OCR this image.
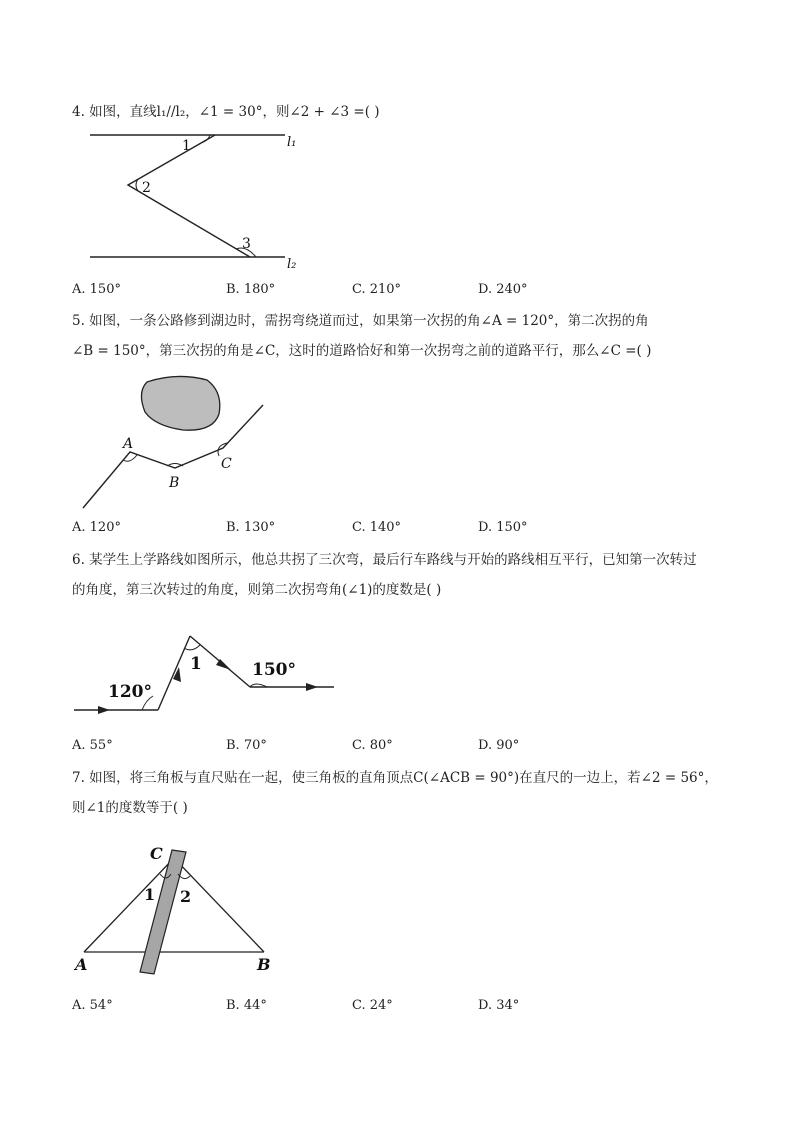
4. 如图，直线l₁//l₂，∠1 = 30°，则∠2 + ∠3 =( )
1
2
3
l₁
l₂
A. 150°	B. 180°	C. 210°	D. 240°
5. 如图，一条公路修到湖边时，需拐弯绕道而过，如果第一次拐的角∠A = 120°，第二次拐的角
∠B = 150°，第三次拐的角是∠C，这时的道路恰好和第一次拐弯之前的道路平行，那么∠C =( )
A
B
C
A. 120°	B. 130°	C. 140°	D. 150°
6. 某学生上学路线如图所示，他总共拐了三次弯，最后行车路线与开始的路线相互平行，已知第一次转过
的角度，第三次转过的角度，则第二次拐弯角(∠1)的度数是( )
120°
1	150°
A. 55°	B. 70°	C. 80°	D. 90°
7. 如图，将三角板与直尺贴在一起，使三角板的直角顶点C(∠ACB = 90°)在直尺的一边上，若∠2 = 56°，
则∠1的度数等于( )
C
1 2
A	B
A. 54°	B. 44°	C. 24°	D. 34°
